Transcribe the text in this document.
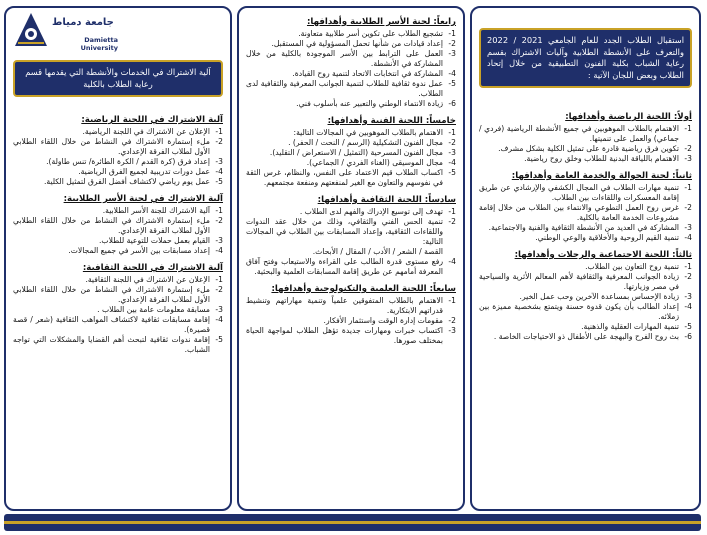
استقبال الطلاب الجدد للعام الجامعي 2021 / 2022 والتعرف على الأنشطة الطلابية وآليات الاشتراك بقسم رعاية الشباب بكلية الفنون التطبيقية من خلال إتحاد الطلاب وبعض اللجان الآتية :
أولاً: اللجنة الرياضية وأهدافها:
1-
الاهتمام بالطلاب الموهوبين في جميع الأنشطة الرياضية (فردي / جماعي) والعمل على تنميتها.
2-
تكوين فرق رياضية قادرة على تمثيل الكلية بشكل مشرف.
3-
الاهتمام باللياقة البدنية للطلاب وخلق روح رياضية.
ثانياً: لجنة الجوالة والخدمة العامة وأهدافها:
1-
تنمية مهارات الطلاب في المجال الكشفي والإرشادي عن طريق إقامة المعسكرات واللقاءات بين الطلاب.
2-
غرس روح العمل التطوعي والانتماء بين الطلاب من خلال إقامة مشروعات الخدمة العامة بالكلية.
3-
المشاركة في العديد من الأنشطة الثقافية والفنية والاجتماعية.
4-
تنمية القيم الروحية والأخلاقية والوعي الوطني.
ثالثاً: اللجنة الاجتماعية والرحلات وأهدافها:
1-
تنمية روح التعاون بين الطلاب.
2-
زيادة الجوانب المعرفية والثقافية لأهم المعالم الأثرية والسياحية في مصر وزيارتها.
3-
زيادة الإحساس بمساعدة الآخرين وحب عمل الخير.
4-
إعداد الطالب بأن يكون قدوة حسنة ويتمتع بشخصية مميزة بين زملائه.
5-
تنمية المهارات العقلية والذهنية.
6-
بث روح الفرح والبهجة على الأطفال ذو الاحتياجات الخاصة .
رابعاً: لجنة الأسر الطلابية وأهدافها:
1-
تشجيع الطلاب على تكوين أسر طلابية متعاونة.
2-
إعداد قيادات من شأنها تحمل المسؤولية في المستقبل.
3-
العمل على الترابط بين الأسر الموجودة بالكلية من خلال المشاركة في الأنشطة.
4-
المشاركة في انتخابات الاتحاد لتنمية روح القيادة.
5-
عمل ندوة ثقافية للطلاب لتنمية الجوانب المعرفية والثقافية لدى الطلاب.
6-
زيادة الانتماء الوطني والتعبير عنه بأسلوب فني.
خامساً: اللجنة الفنية وأهدافها:
1-
الاهتمام بالطلاب الموهوبين في المجالات التالية:
2-
مجال الفنون التشكيلية (الرسم / النحت / الحفر) .
3-
مجال الفنون المسرحية (التمثيل / الاستعراض / التقليد).
4-
مجال الموسيقى (الغناء الفردي / الجماعي).
5-
اكساب الطلاب قيم الاعتماد على النفس، والنظام، غرس الثقة في نفوسهم والتعاون مع الغير لمنفعتهم ومنفعة مجتمعهم.
سادساً: اللجنة الثقافية وأهدافها:
1-
تهدف إلى توسيع الإدراك والفهم لدى الطلاب .
2-
تنمية الحس الفني والثقافي، وذلك من خلال عقد الندوات واللقاءات الثقافية، وإعداد المسابقات بين الطلاب في المجالات التالية:
القصة / الشعر / الأدب / المقال / الأبحاث.
4-
رفع مستوى قدرة الطالب على القراءة والاستيعاب وفتح آفاق المعرفة أمامهم عن طريق إقامة المسابقات العلمية والبحثية.
سابعاً: اللجنة العلمية والتكنولوجية وأهدافها:
1-
الاهتمام بالطلاب المتفوقين علمياً وتنمية مهاراتهم وتنشيط قدراتهم الابتكارية.
2-
مقومات إدارة الوقت واستثمار الأفكار.
3-
اكتساب خبرات ومهارات جديدة تؤهل الطلاب لمواجهة الحياة بمختلف صورها.
جامعة دمياط
Damietta University
آلية الاشتراك في الخدمات والأنشطة التي يقدمها قسم رعاية الطلاب بالكلية
آلية الاشتراك في اللجنة الرياضية:
1-
الإعلان عن الاشتراك في اللجنة الرياضية.
2-
ملء إستمارة الاشتراك في النشاط من خلال اللقاء الطلابي الأول لطلاب الفرقة الإعدادي.
3-
إعداد فرق (كرة القدم / الكرة الطائرة/ تنس طاولة).
4-
عمل دورات تدريبية لجميع الفرق الرياضية.
5-
عمل يوم رياضي لاكتشاف أفضل الفرق لتمثيل الكلية.
آلية الاشتراك في لجنة الأسر الطلابية:
1-
آلية الاشتراك للجنة الأسر الطلابية.
2-
ملء إستمارة الاشتراك في النشاط من خلال اللقاء الطلابي الأول لطلاب الفرقة الإعدادي.
3-
القيام بعمل حملات للتوعية للطلاب.
4-
إعداد مسابقات بين الأسر في جميع المجالات.
آلية الاشتراك في اللجنة الثقافية:
1-
الإعلان عن الاشتراك في اللجنة الثقافية.
2-
ملء إستمارة الاشتراك في النشاط من خلال اللقاء الطلابي الأول لطلاب الفرقة الإعدادي.
3-
مسابقة معلومات عامة بين الطلاب .
4-
إقامة مسابقات ثقافية لاكتشاف المواهب الثقافية (شعر / قصة قصيرة).
5-
إقامة ندوات ثقافية لتبحث أهم القضايا والمشكلات التي تواجه الشباب.
